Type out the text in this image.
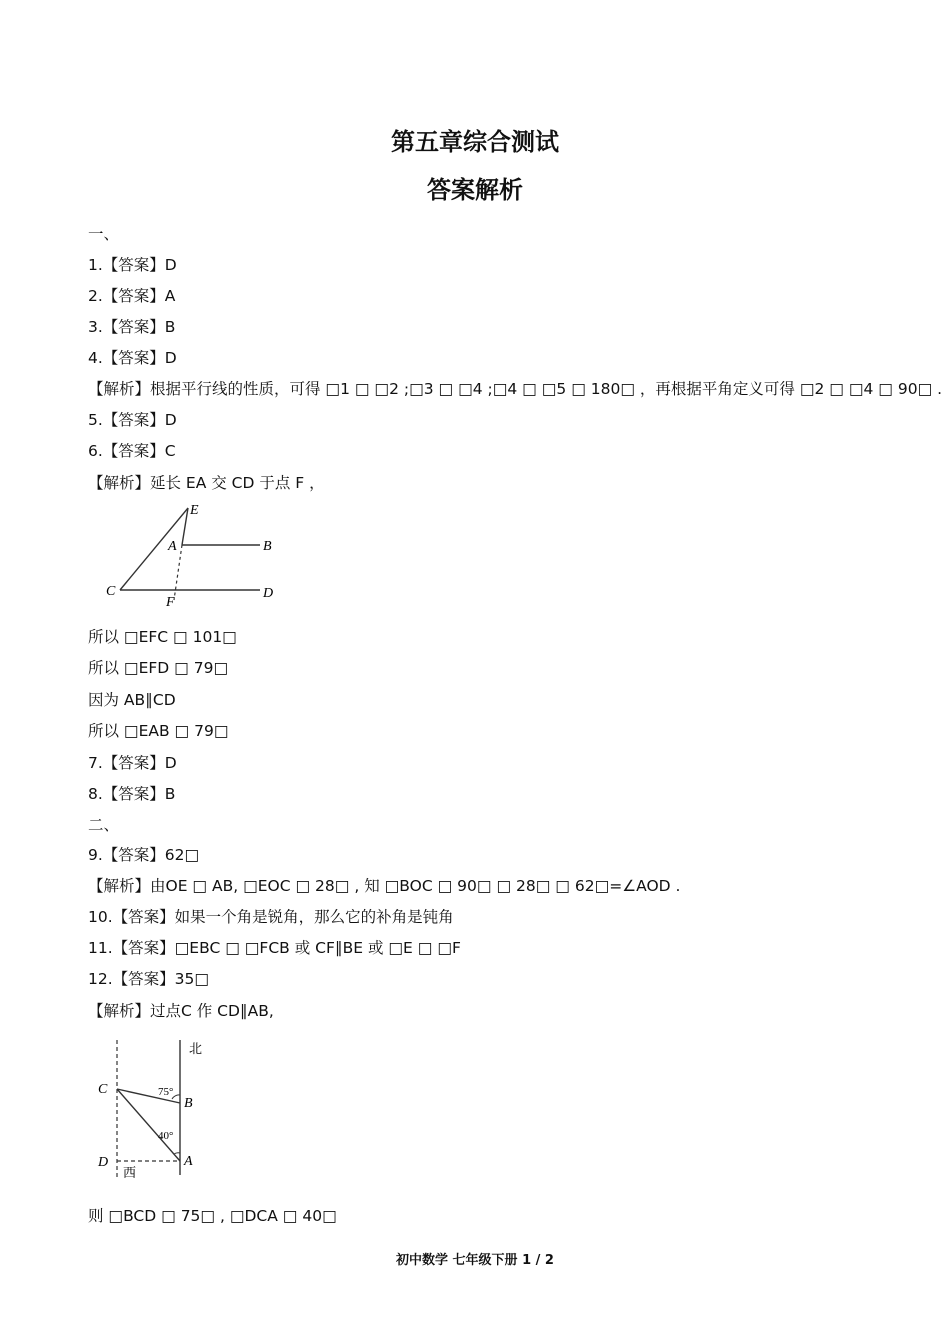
第五章综合测试
答案解析
一、
1.【答案】D
2.【答案】A
3.【答案】B
4.【答案】D
【解析】根据平行线的性质，可得 □1 □ □2 ;□3 □ □4 ;□4 □ □5 □ 180□ ，再根据平角定义可得 □2 □ □4 □ 90□ .
5.【答案】D
6.【答案】C
【解析】延长 EA 交 CD 于点 F ，
E
A	B
C
F
D
所以 □EFC □ 101□
所以 □EFD □ 79□
因为 AB∥CD
所以 □EAB □ 79□
7.【答案】D
8.【答案】B
二、
9.【答案】62□
【解析】由OE □ AB, □EOC □ 28□ , 知 □BOC □ 90□ □ 28□ □ 62□=∠AOD .
10.【答案】如果一个角是锐角，那么它的补角是钝角
11.【答案】□EBC □ □FCB 或 CF∥BE 或 □E □ □F
12.【答案】35□
【解析】过点C 作 CD∥AB,
北
C	75°
B
40°
D	A
西
则 □BCD □ 75□ , □DCA □ 40□
初中数学 七年级下册 1 / 2
